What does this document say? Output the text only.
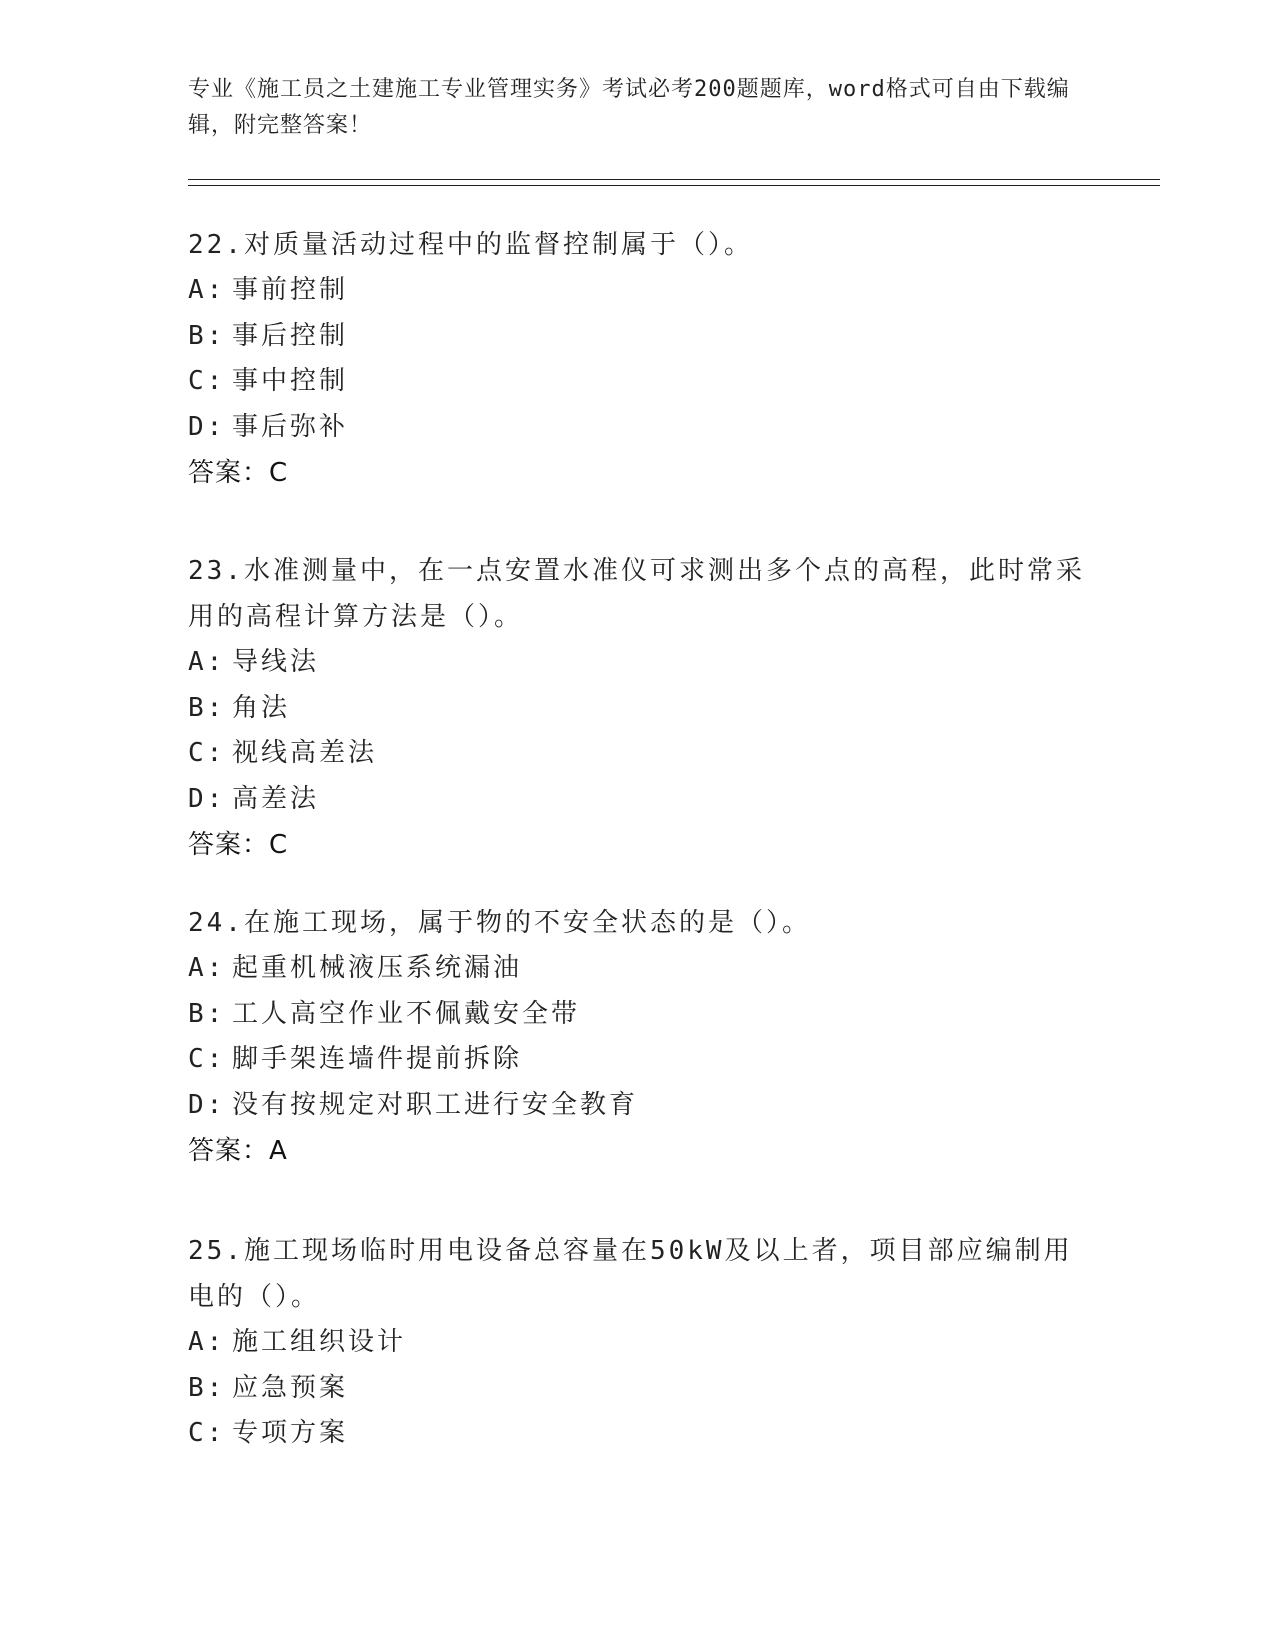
专业《施工员之土建施工专业管理实务》考试必考200题题库，word格式可自由下载编辑，附完整答案！
22.对质量活动过程中的监督控制属于（）。
A: 事前控制
B: 事后控制
C: 事中控制
D: 事后弥补
答案：C
23.水准测量中，在一点安置水准仪可求测出多个点的高程，此时常采用的高程计算方法是（）。
A: 导线法
B: 角法
C: 视线高差法
D: 高差法
答案：C
24.在施工现场，属于物的不安全状态的是（）。
A: 起重机械液压系统漏油
B: 工人高空作业不佩戴安全带
C: 脚手架连墙件提前拆除
D: 没有按规定对职工进行安全教育
答案：A
25.施工现场临时用电设备总容量在50kW及以上者，项目部应编制用电的（）。
A: 施工组织设计
B: 应急预案
C: 专项方案
